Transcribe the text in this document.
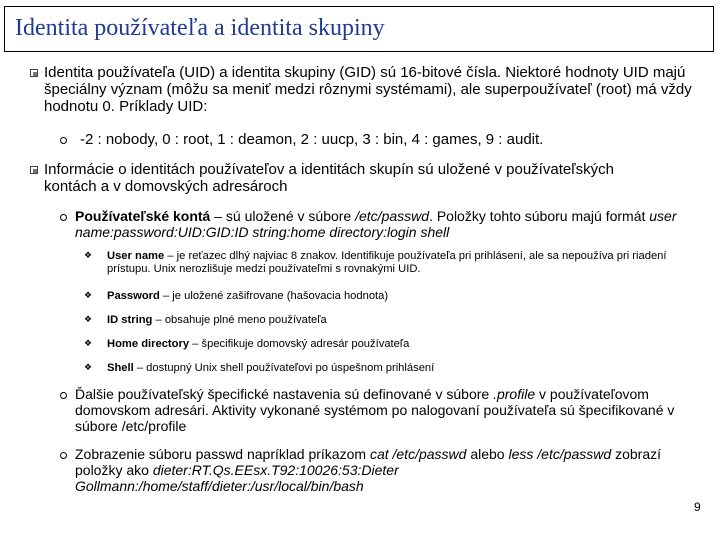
Identita používateľa a identita skupiny
Identita používateľa (UID) a identita skupiny (GID) sú 16-bitové čísla. Niektoré hodnoty UID majú špeciálny význam (môžu sa meniť medzi rôznymi systémami), ale superpoužívateľ (root) má vždy hodnotu 0. Príklady UID:
-2 : nobody, 0 : root, 1 : deamon, 2 : uucp, 3 : bin, 4 : games, 9 : audit.
Informácie o identitách používateľov a identitách skupín sú uložené v používateľských kontách a v domovských adresároch
Používateľské kontá – sú uložené v súbore /etc/passwd. Položky tohto súboru majú formát user name:password:UID:GID:ID string:home directory:login shell
❖ User name – je reťazec dlhý najviac 8 znakov. Identifikuje používateľa pri prihlásení, ale sa nepoužíva pri riadení prístupu. Unix nerozlišuje medzi používateľmi s rovnakými UID.
❖ Password – je uložené zašifrovane (hašovacia hodnota)
❖ ID string – obsahuje plné meno používateľa
❖ Home directory – špecifikuje domovský adresár používateľa
❖ Shell – dostupný Unix shell používateľovi po úspešnom prihlásení
Ďalšie používateľský špecifické nastavenia sú definované v súbore .profile v používateľovom domovskom adresári. Aktivity vykonané systémom po nalogovaní používateľa sú špecifikované v súbore /etc/profile
Zobrazenie súboru passwd napríklad príkazom cat /etc/passwd alebo less /etc/passwd zobrazí položky ako dieter:RT.Qs.EEsx.T92:10026:53:Dieter Gollmann:/home/staff/dieter:/usr/local/bin/bash
9
